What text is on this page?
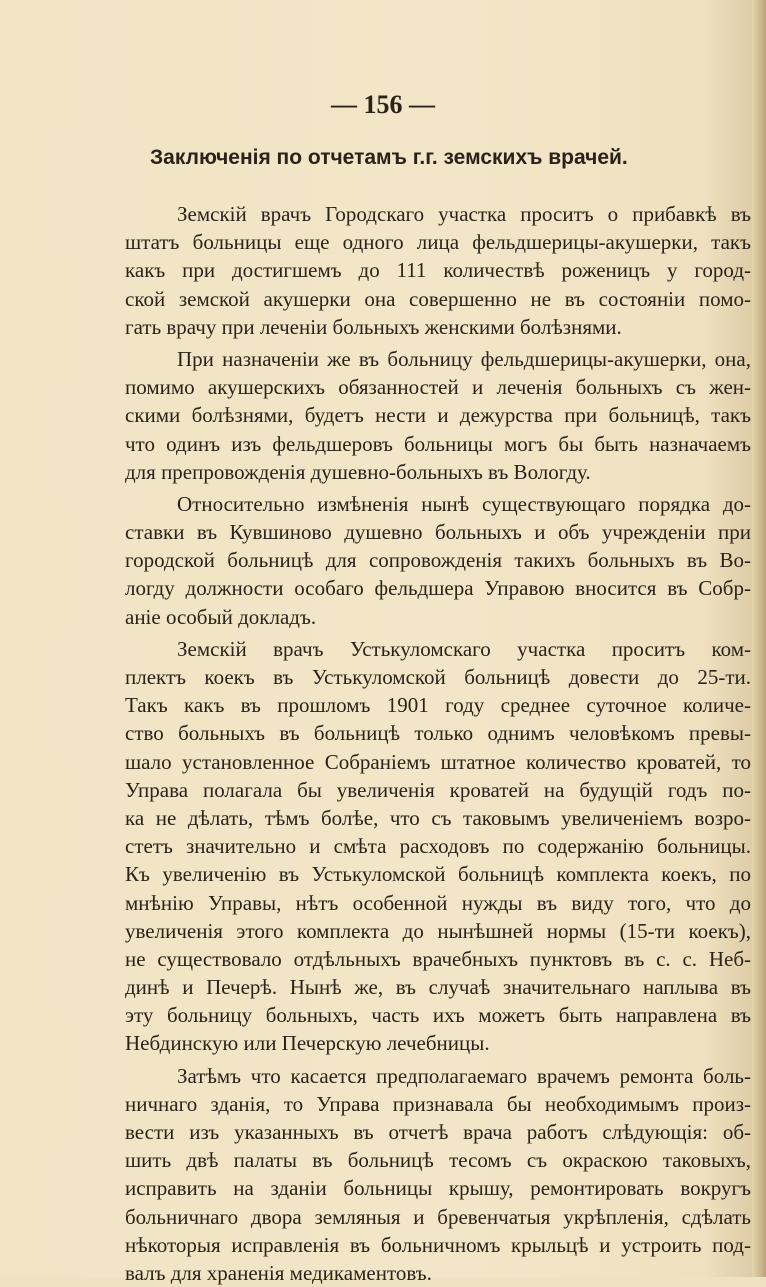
— 156 —
Заключенія по отчетамъ г.г. земскихъ врачей.

Земскій врачъ Городскаго участка проситъ о прибавкѣ въ
штатъ больницы еще одного лица фельдшерицы-акушерки, такъ
какъ при достигшемъ до 111 количествѣ роженицъ у город-
ской земской акушерки она совершенно не въ состояніи помо-
гать врачу при леченіи больныхъ женскими болѣзнями.

При назначеніи же въ больницу фельдшерицы-акушерки, она,
помимо акушерскихъ обязанностей и леченія больныхъ съ жен-
скими болѣзнями, будетъ нести и дежурства при больницѣ, такъ
что одинъ изъ фельдшеровъ больницы могъ бы быть назначаемъ
для препровожденія душевно-больныхъ въ Вологду.

Относительно измѣненія нынѣ существующаго порядка до-
ставки въ Кувшиново душевно больныхъ и объ учрежденіи при
городской больницѣ для сопровожденія такихъ больныхъ въ Во-
логду должности особаго фельдшера Управою вносится въ Собр-
аніе особый докладъ.

Земскій врачъ Устькуломскаго участка проситъ ком-
плектъ коекъ въ Устькуломской больницѣ довести до 25-ти.
Такъ какъ въ прошломъ 1901 году среднее суточное количе-
ство больныхъ въ больницѣ только однимъ человѣкомъ превы-
шало установленное Собраніемъ штатное количество кроватей, то
Управа полагала бы увеличенія кроватей на будущій годъ по-
ка не дѣлать, тѣмъ болѣе, что съ таковымъ увеличеніемъ возро-
стетъ значительно и смѣта расходовъ по содержанію больницы.
Къ увеличенію въ Устькуломской больницѣ комплекта коекъ, по
мнѣнію Управы, нѣтъ особенной нужды въ виду того, что до
увеличенія этого комплекта до нынѣшней нормы (15-ти коекъ),
не существовало отдѣльныхъ врачебныхъ пунктовъ въ с. с. Неб-
динѣ и Печерѣ. Нынѣ же, въ случаѣ значительнаго наплыва въ
эту больницу больныхъ, часть ихъ можетъ быть направлена въ
Небдинскую или Печерскую лечебницы.

Затѣмъ что касается предполагаемаго врачемъ ремонта боль-
ничнаго зданія, то Управа признавала бы необходимымъ произ-
вести изъ указанныхъ въ отчетѣ врача работъ слѣдующія: об-
шить двѣ палаты въ больницѣ тесомъ съ окраскою таковыхъ,
исправить на зданіи больницы крышу, ремонтировать вокругъ
больничнаго двора земляныя и бревенчатыя укрѣпленія, сдѣлать
нѣкоторыя исправленія въ больничномъ крыльцѣ и устроить под-
валъ для храненія медикаментовъ.
